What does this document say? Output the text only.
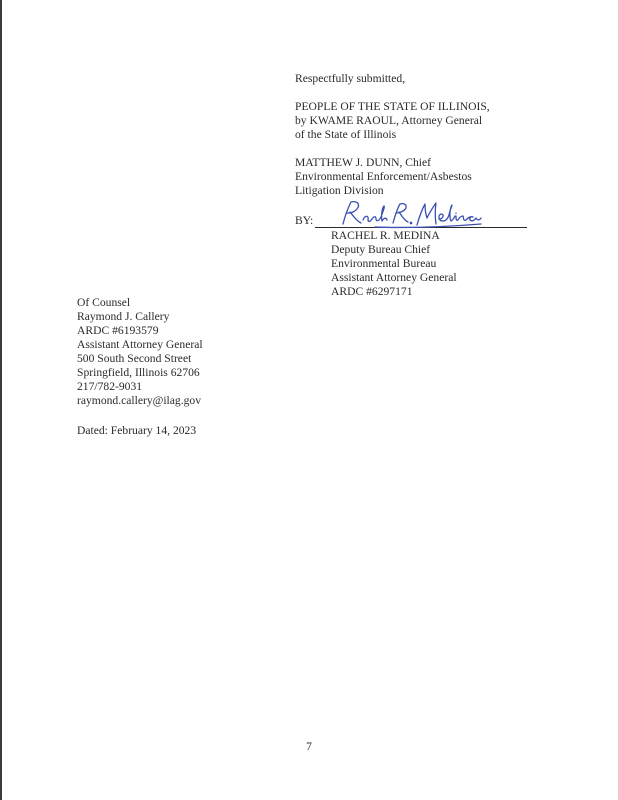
Respectfully submitted,
PEOPLE OF THE STATE OF ILLINOIS,
by KWAME RAOUL, Attorney General
of the State of Illinois
MATTHEW J. DUNN, Chief
Environmental Enforcement/Asbestos
Litigation Division
BY:
RACHEL R. MEDINA
Deputy Bureau Chief
Environmental Bureau
Assistant Attorney General
ARDC #6297171
Of Counsel
Raymond J. Callery
ARDC #6193579
Assistant Attorney General
500 South Second Street
Springfield, Illinois 62706
217/782-9031
raymond.callery@ilag.gov
Dated: February 14, 2023
7
